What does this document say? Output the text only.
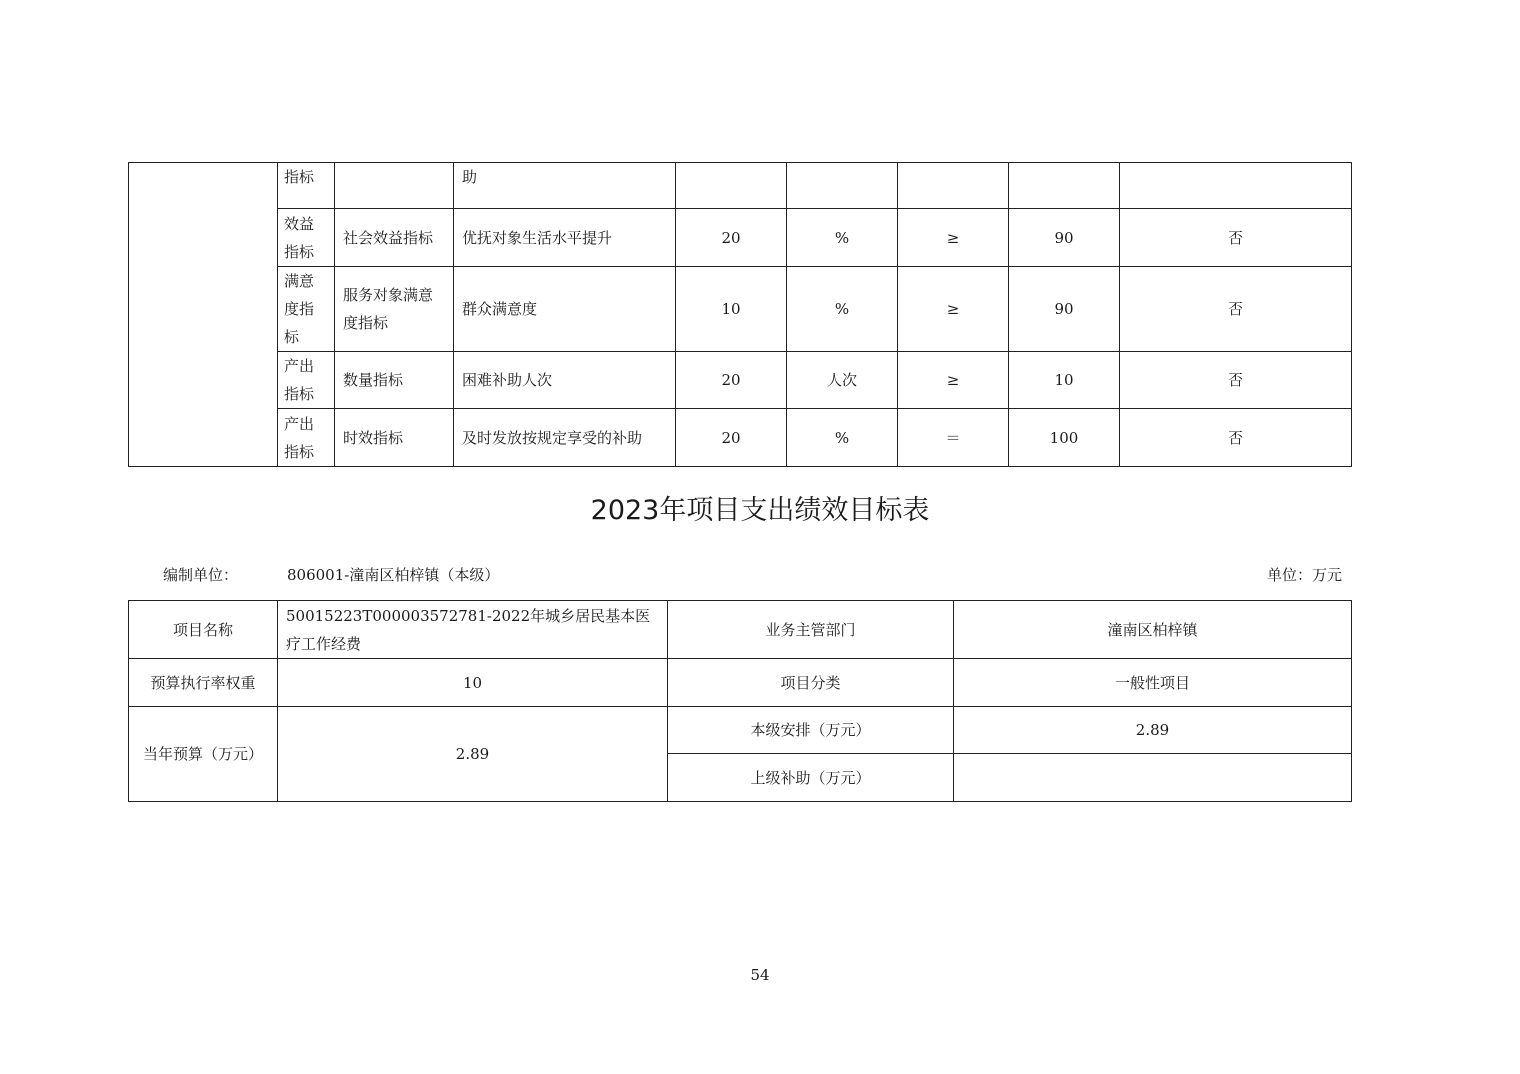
	指标		助					
	效益指标	社会效益指标	优抚对象生活水平提升	20	%	≥	90	否
	满意度指标	服务对象满意度指标	群众满意度	10	%	≥	90	否
	产出指标	数量指标	困难补助人次	20	人次	≥	10	否
	产出指标	时效指标	及时发放按规定享受的补助	20	%	＝	100	否
2023年项目支出绩效目标表
编制单位：	806001-潼南区柏梓镇（本级）	单位：万元
项目名称	50015223T000003572781-2022年城乡居民基本医疗工作经费	业务主管部门	潼南区柏梓镇
预算执行率权重	10	项目分类	一般性项目
当年预算（万元）	2.89	本级安排（万元）	2.89
		上级补助（万元）	
54
